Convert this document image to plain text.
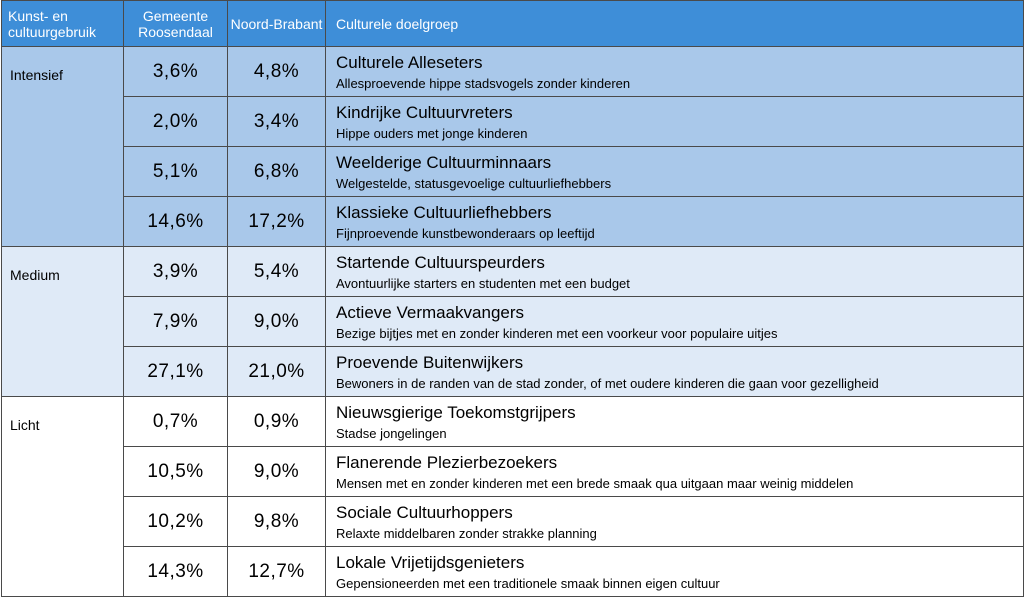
Kunst- en cultuurgebruik	Gemeente Roosendaal	Noord-Brabant	Culturele doelgroep
Intensief	3,6%	4,8%	Culturele Alleseters
Allesproevende hippe stadsvogels zonder kinderen

	2,0%	3,4%	Kindrijke Cultuurvreters
Hippe ouders met jonge kinderen

	5,1%	6,8%	Weelderige Cultuurminnaars
Welgestelde, statusgevoelige cultuurliefhebbers

	14,6%	17,2%	Klassieke Cultuurliefhebbers
Fijnproevende kunstbewonderaars op leeftijd

Medium	3,9%	5,4%	Startende Cultuurspeurders
Avontuurlijke starters en studenten met een budget

	7,9%	9,0%	Actieve Vermaakvangers
Bezige bijtjes met en zonder kinderen met een voorkeur voor populaire uitjes

	27,1%	21,0%	Proevende Buitenwijkers
Bewoners in de randen van de stad zonder, of met oudere kinderen die gaan voor gezelligheid

Licht	0,7%	0,9%	Nieuwsgierige Toekomstgrijpers
Stadse jongelingen

	10,5%	9,0%	Flanerende Plezierbezoekers
Mensen met en zonder kinderen met een brede smaak qua uitgaan maar weinig middelen

	10,2%	9,8%	Sociale Cultuurhoppers
Relaxte middelbaren zonder strakke planning

	14,3%	12,7%	Lokale Vrijetijdsgenieters
Gepensioneerden met een traditionele smaak binnen eigen cultuur
